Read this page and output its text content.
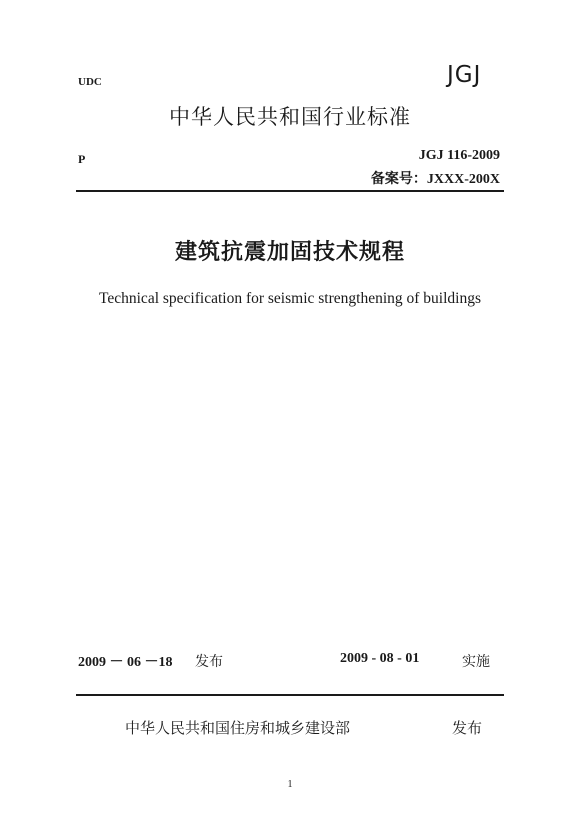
UDC	JGJ
中华人民共和国行业标准
P	JGJ 116-2009
备案号：JXXX-200X
建筑抗震加固技术规程
Technical specification for seismic strengthening of buildings
2009 － 06 －18 发布	2009 - 08 - 01	实施
中华人民共和国住房和城乡建设部	发布
1
